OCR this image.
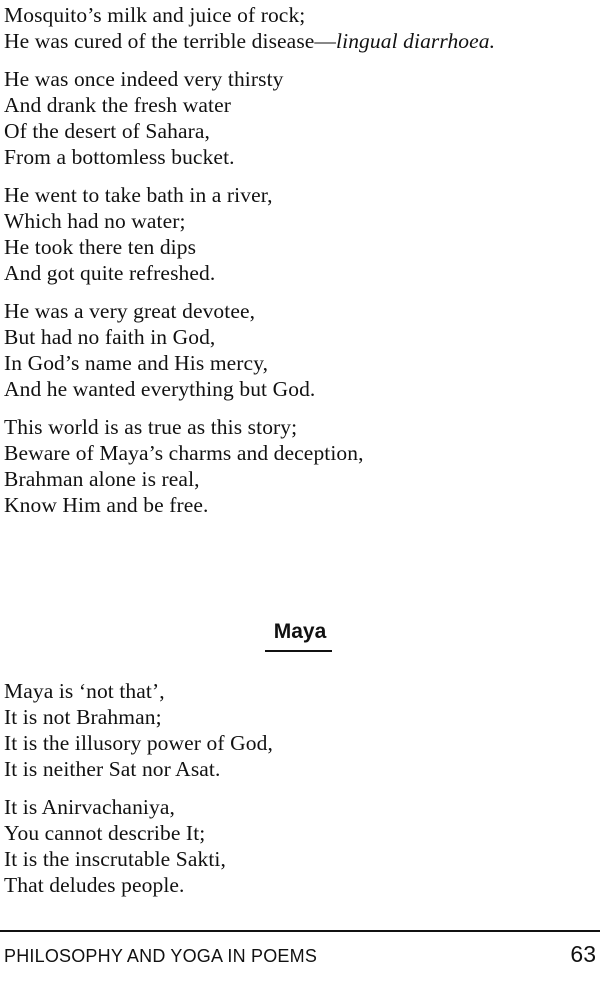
Mosquito’s milk and juice of rock;
He was cured of the terrible disease—lingual diarrhoea.
He was once indeed very thirsty
And drank the fresh water
Of the desert of Sahara,
From a bottomless bucket.
He went to take bath in a river,
Which had no water;
He took there ten dips
And got quite refreshed.
He was a very great devotee,
But had no faith in God,
In God’s name and His mercy,
And he wanted everything but God.
This world is as true as this story;
Beware of Maya’s charms and deception,
Brahman alone is real,
Know Him and be free.
Maya
Maya is ‘not that’,
It is not Brahman;
It is the illusory power of God,
It is neither Sat nor Asat.
It is Anirvachaniya,
You cannot describe It;
It is the inscrutable Sakti,
That deludes people.
PHILOSOPHY AND YOGA IN POEMS	63
